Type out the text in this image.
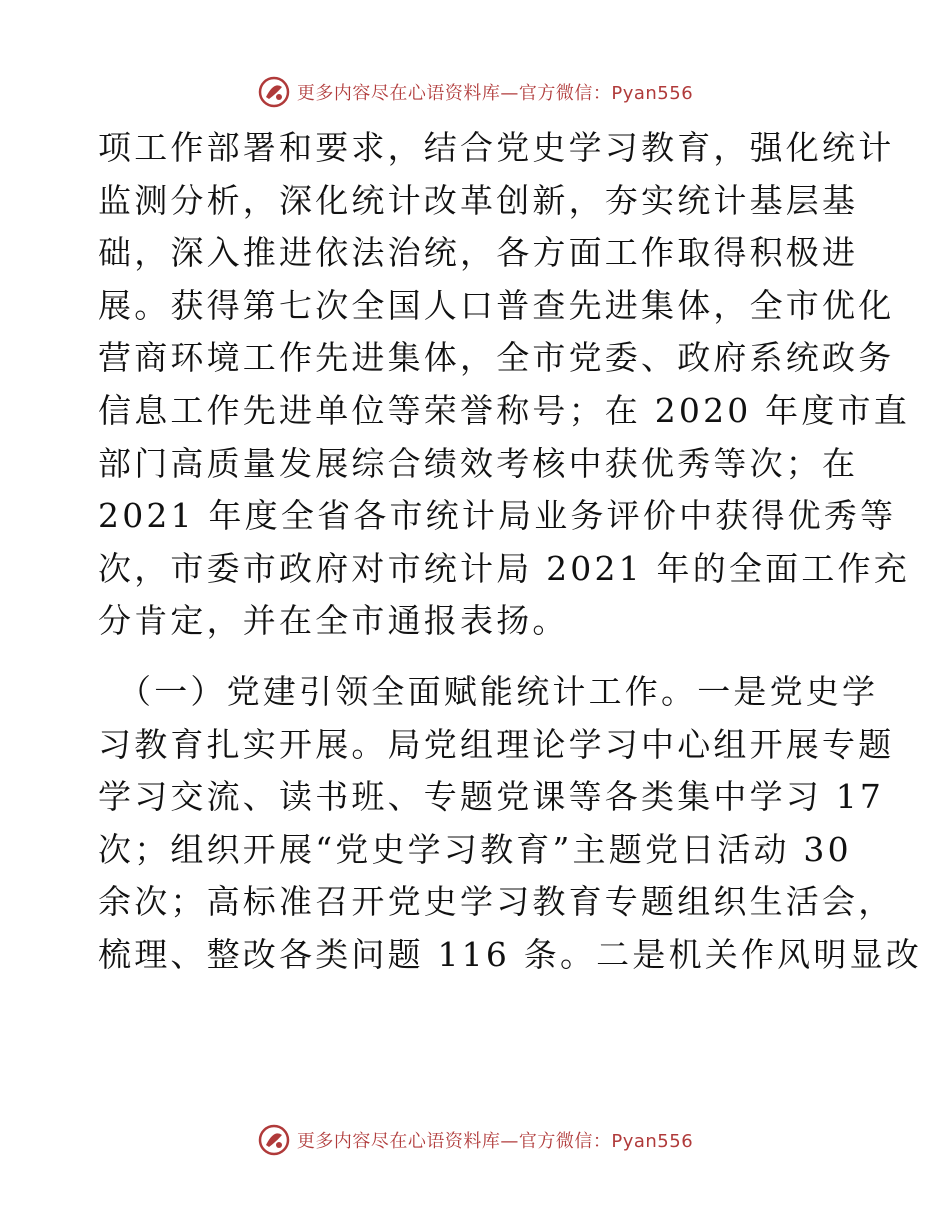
更多内容尽在心语资料库—官方微信：Pyan556
项工作部署和要求，结合党史学习教育，强化统计
监测分析，深化统计改革创新，夯实统计基层基
础，深入推进依法治统，各方面工作取得积极进
展。获得第七次全国人口普查先进集体，全市优化
营商环境工作先进集体，全市党委、政府系统政务
信息工作先进单位等荣誉称号；在 2020 年度市直
部门高质量发展综合绩效考核中获优秀等次；在
2021 年度全省各市统计局业务评价中获得优秀等
次，市委市政府对市统计局 2021 年的全面工作充
分肯定，并在全市通报表扬。
（一）党建引领全面赋能统计工作。一是党史学
习教育扎实开展。局党组理论学习中心组开展专题
学习交流、读书班、专题党课等各类集中学习 17
次；组织开展“党史学习教育”主题党日活动 30
余次；高标准召开党史学习教育专题组织生活会，
梳理、整改各类问题 116 条。二是机关作风明显改
更多内容尽在心语资料库—官方微信：Pyan556
